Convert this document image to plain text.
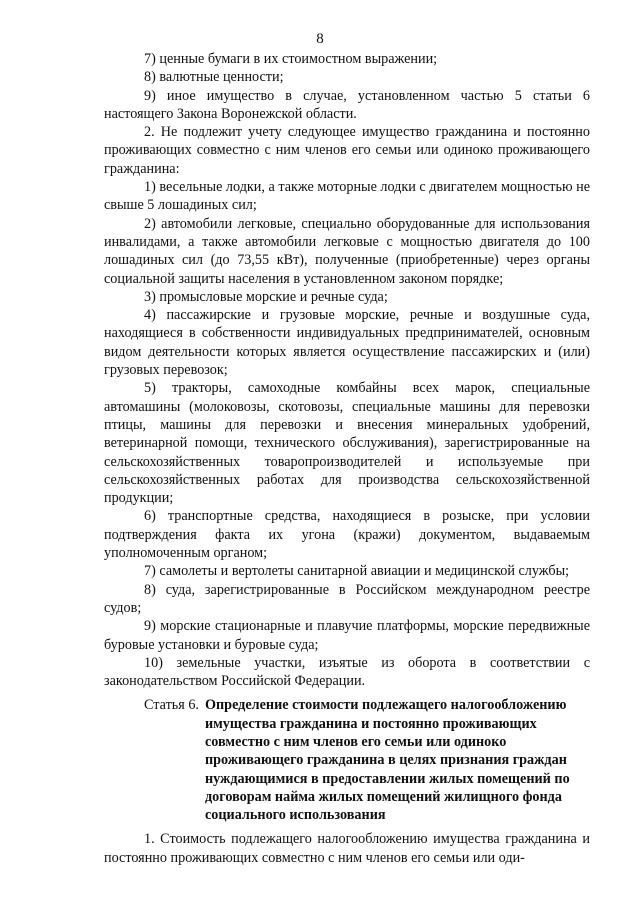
8

7) ценные бумаги в их стоимостном выражении;

8) валютные ценности;

9) иное имущество в случае, установленном частью 5 статьи 6 настоящего Закона Воронежской области.

2. Не подлежит учету следующее имущество гражданина и постоянно проживающих совместно с ним членов его семьи или одиноко проживающего гражданина:

1) весельные лодки, а также моторные лодки с двигателем мощностью не свыше 5 лошадиных сил;

2) автомобили легковые, специально оборудованные для использования инвалидами, а также автомобили легковые с мощностью двигателя до 100 лошадиных сил (до 73,55 кВт), полученные (приобретенные) через органы социальной защиты населения в установленном законом порядке;

3) промысловые морские и речные суда;

4) пассажирские и грузовые морские, речные и воздушные суда, находящиеся в собственности индивидуальных предпринимателей, основным видом деятельности которых является осуществление пассажирских и (или) грузовых перевозок;

5) тракторы, самоходные комбайны всех марок, специальные автомашины (молоковозы, скотовозы, специальные машины для перевозки птицы, машины для перевозки и внесения минеральных удобрений, ветеринарной помощи, технического обслуживания), зарегистрированные на сельскохозяйственных товаропроизводителей и используемые при сельскохозяйственных работах для производства сельскохозяйственной продукции;

6) транспортные средства, находящиеся в розыске, при условии подтверждения факта их угона (кражи) документом, выдаваемым уполномоченным органом;

7) самолеты и вертолеты санитарной авиации и медицинской службы;

8) суда, зарегистрированные в Российском международном реестре судов;

9) морские стационарные и плавучие платформы, морские передвижные буровые установки и буровые суда;

10) земельные участки, изъятые из оборота в соответствии с законодательством Российской Федерации.

Статья 6. Определение стоимости подлежащего налогообложению имущества гражданина и постоянно проживающих совместно с ним членов его семьи или одиноко проживающего гражданина в целях признания граждан нуждающимися в предоставлении жилых помещений по договорам найма жилых помещений жилищного фонда социального использования

1. Стоимость подлежащего налогообложению имущества гражданина и постоянно проживающих совместно с ним членов его семьи или оди-
